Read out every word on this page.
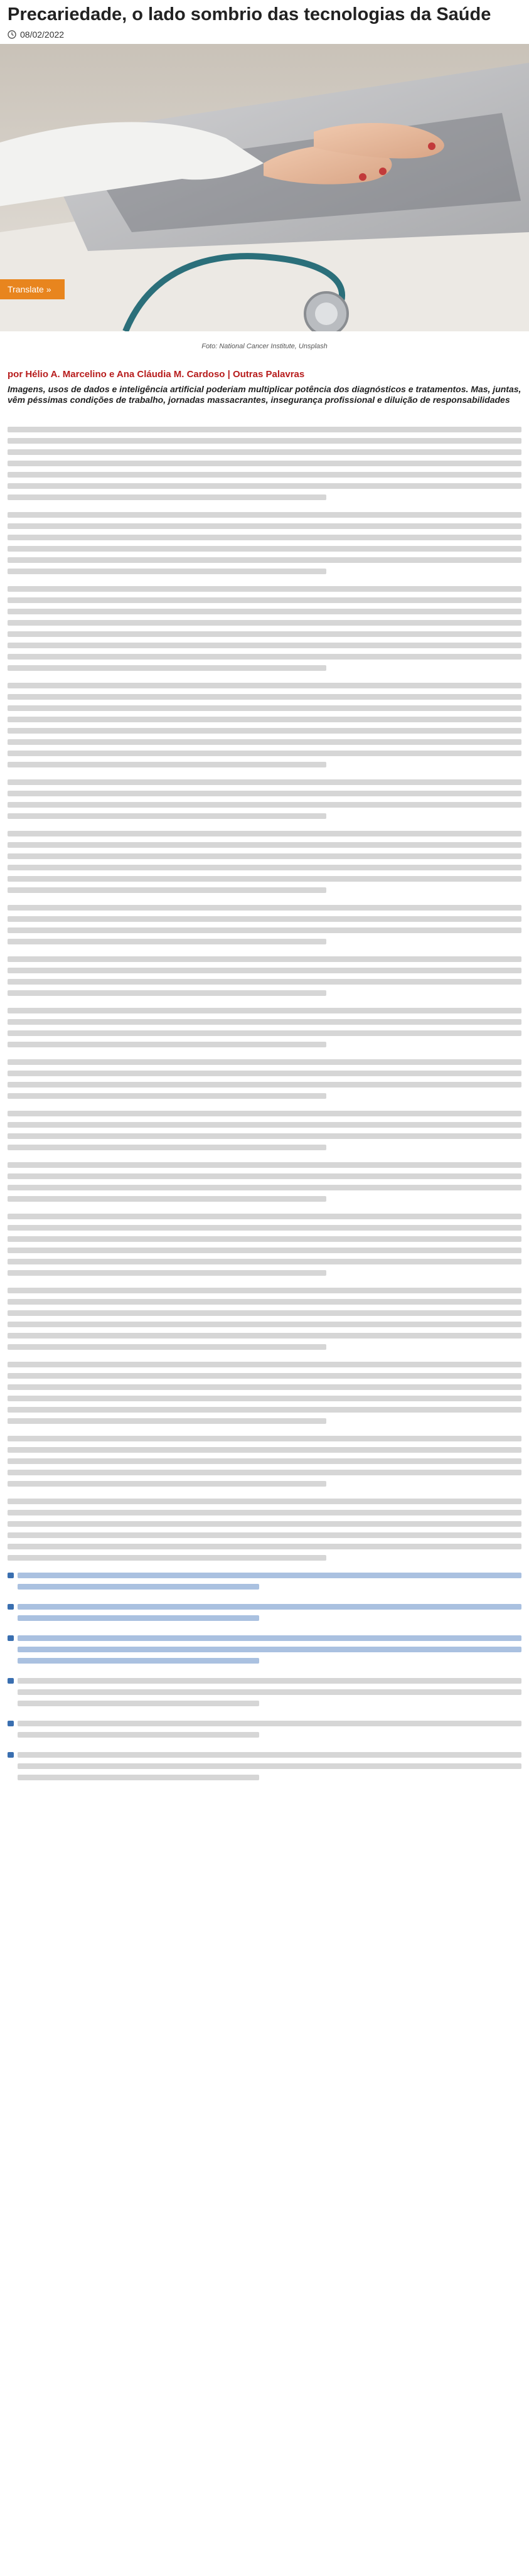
Precariedade, o lado sombrio das tecnologias da Saúde
08/02/2022
Translate »
Foto: National Cancer Institute, Unsplash
por Hélio A. Marcelino e Ana Cláudia M. Cardoso | Outras Palavras
Imagens, usos de dados e inteligência artificial poderiam multiplicar potência dos diagnósticos e tratamentos. Mas, juntas, vêm péssimas condições de trabalho, jornadas massacrantes, insegurança profissional e diluição de responsabilidades
